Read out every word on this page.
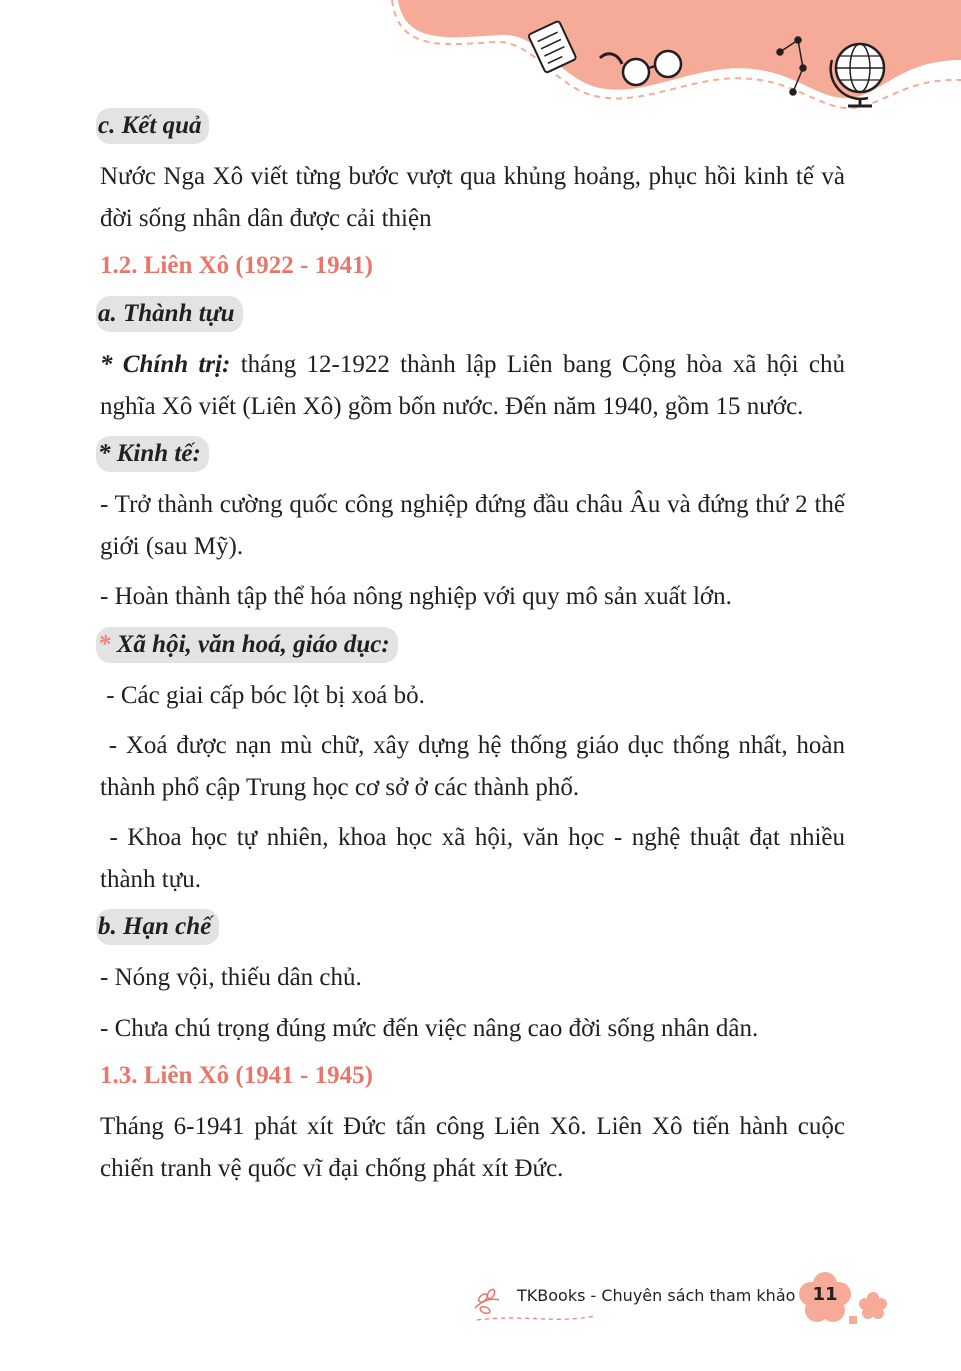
c. Kết quả

Nước Nga Xô viết từng bước vượt qua khủng hoảng, phục hồi kinh tế và đời sống nhân dân được cải thiện

1.2. Liên Xô (1922 - 1941)

a. Thành tựu

* Chính trị: tháng 12-1922 thành lập Liên bang Cộng hòa xã hội chủ nghĩa Xô viết (Liên Xô) gồm bốn nước. Đến năm 1940, gồm 15 nước.

* Kinh tế:

- Trở thành cường quốc công nghiệp đứng đầu châu Âu và đứng thứ 2 thế giới (sau Mỹ).

- Hoàn thành tập thể hóa nông nghiệp với quy mô sản xuất lớn.

* Xã hội, văn hoá, giáo dục:

- Các giai cấp bóc lột bị xoá bỏ.

- Xoá được nạn mù chữ, xây dựng hệ thống giáo dục thống nhất, hoàn thành phổ cập Trung học cơ sở ở các thành phố.

- Khoa học tự nhiên, khoa học xã hội, văn học - nghệ thuật đạt nhiều thành tựu.

b. Hạn chế

- Nóng vội, thiếu dân chủ.

- Chưa chú trọng đúng mức đến việc nâng cao đời sống nhân dân.

1.3. Liên Xô (1941 - 1945)

Tháng 6-1941 phát xít Đức tấn công Liên Xô. Liên Xô tiến hành cuộc chiến tranh vệ quốc vĩ đại chống phát xít Đức.

TKBooks - Chuyên sách tham khảo 11
